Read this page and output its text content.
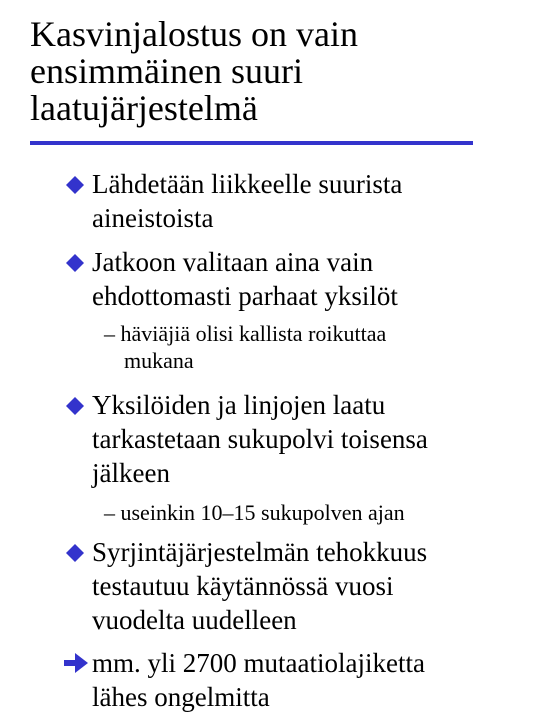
Kasvinjalostus on vain
ensimmäinen suuri
laatujärjestelmä

Lähdetään liikkeelle suurista
aineistoista

Jatkoon valitaan aina vain
ehdottomasti parhaat yksilöt

– häviäjiä olisi kallista roikuttaa
mukana

Yksilöiden ja linjojen laatu
tarkastetaan sukupolvi toisensa
jälkeen

– useinkin 10–15 sukupolven ajan

Syrjintäjärjestelmän tehokkuus
testautuu käytännössä vuosi
vuodelta uudelleen

mm. yli 2700 mutaatiolajiketta
lähes ongelmitta
